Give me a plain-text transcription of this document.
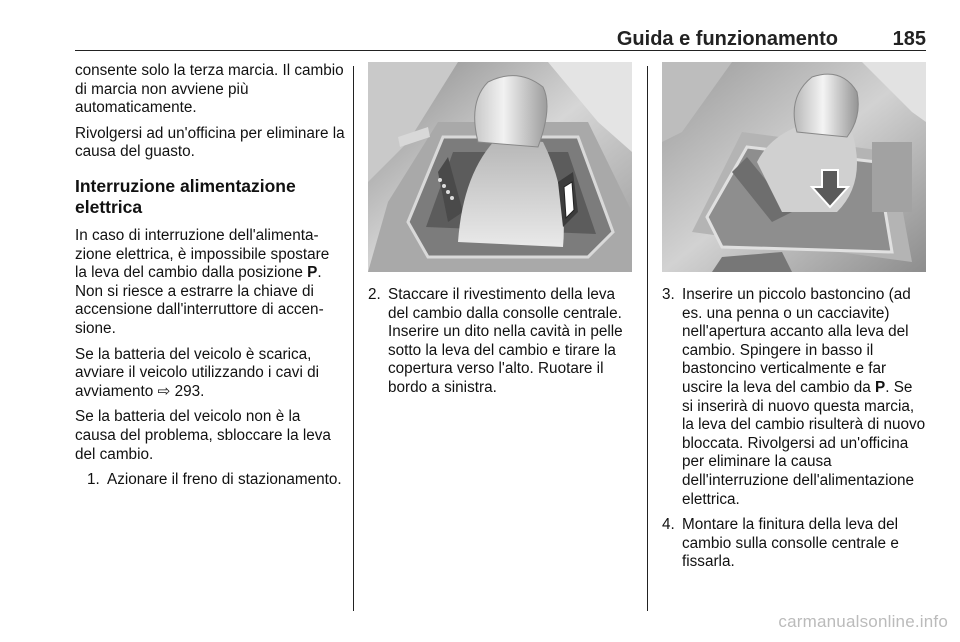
Guida e funzionamento	185

consente solo la terza marcia. Il cambio di marcia non avviene più automaticamente.

Rivolgersi ad un'officina per eliminare la causa del guasto.

Interruzione alimentazione elettrica

In caso di interruzione dell'alimentazione elettrica, è impossibile spostare la leva del cambio dalla posizione P. Non si riesce a estrarre la chiave di accensione dall'interruttore di accensione.

Se la batteria del veicolo è scarica, avviare il veicolo utilizzando i cavi di avviamento ⇨ 293.

Se la batteria del veicolo non è la causa del problema, sbloccare la leva del cambio.

1. Azionare il freno di stazionamento.
2. Staccare il rivestimento della leva del cambio dalla consolle centrale. Inserire un dito nella cavità in pelle sotto la leva del cambio e tirare la copertura verso l'alto. Ruotare il bordo a sinistra.
3. Inserire un piccolo bastoncino (ad es. una penna o un cacciavite) nell'apertura accanto alla leva del cambio. Spingere in basso il bastoncino verticalmente e far uscire la leva del cambio da P. Se si inserirà di nuovo questa marcia, la leva del cambio risulterà di nuovo bloccata. Rivolgersi ad un'officina per eliminare la causa dell'interruzione dell'alimentazione elettrica.
4. Montare la finitura della leva del cambio sulla consolle centrale e fissarla.
carmanualsonline.info
